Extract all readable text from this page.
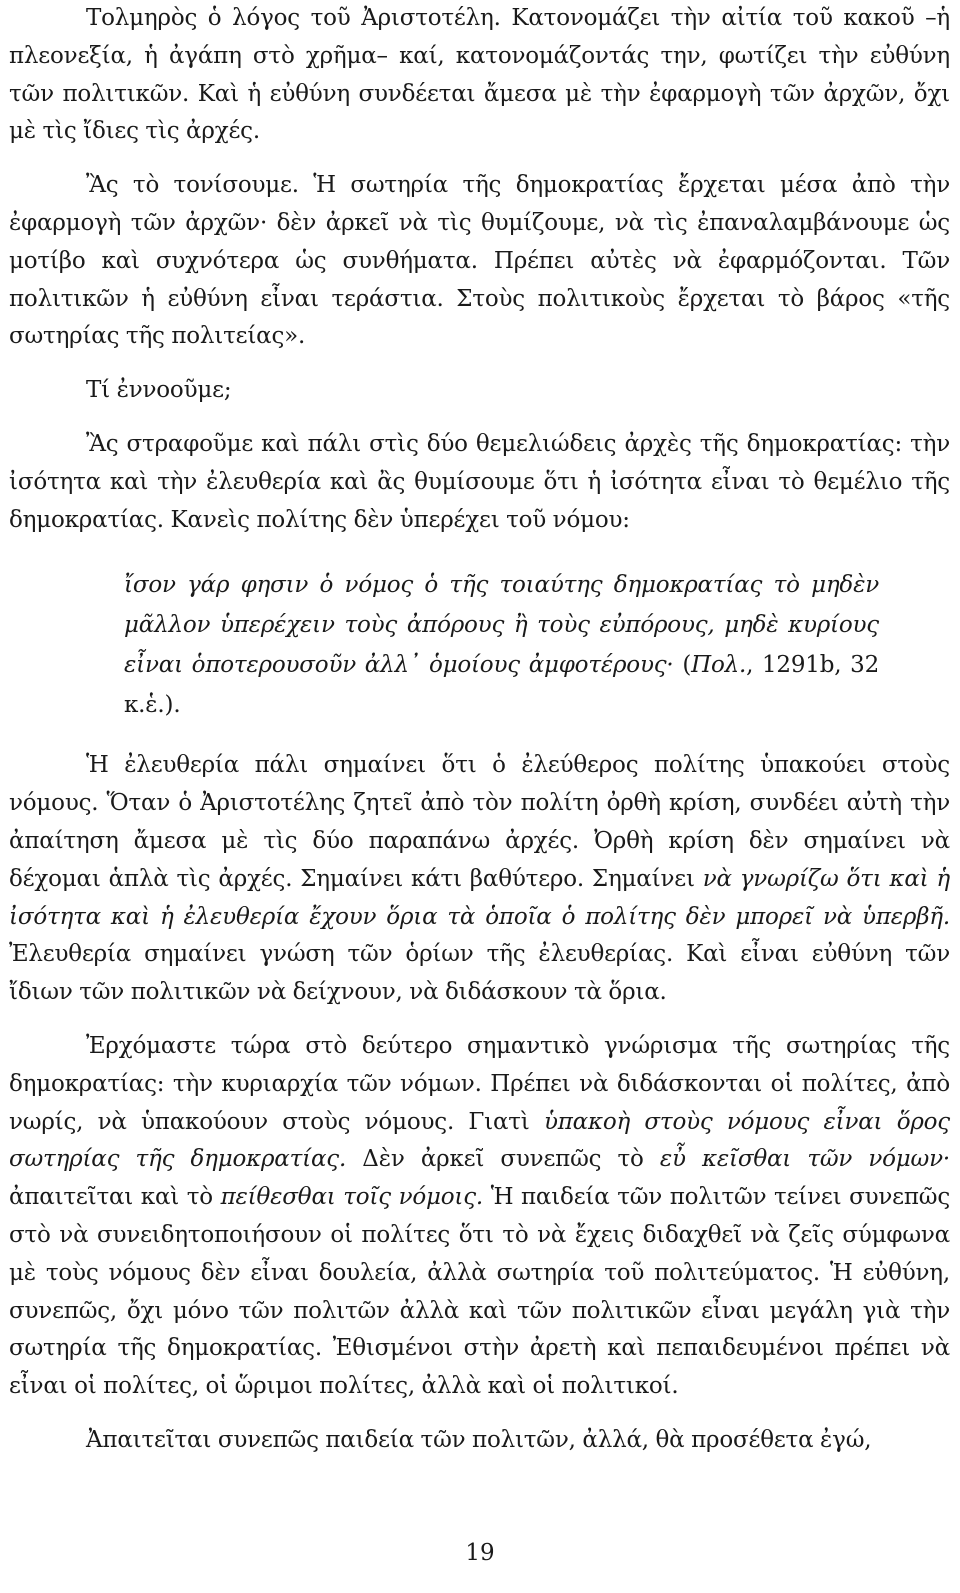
Τολμηρὸς ὁ λόγος τοῦ Ἀριστοτέλη. Κατονομάζει τὴν αἰτία τοῦ κακοῦ –ἡ πλεονεξία, ἡ ἀγάπη στὸ χρῆμα– καί, κατονομάζοντάς την, φωτίζει τὴν εὐθύνη τῶν πολιτικῶν. Καὶ ἡ εὐθύνη συνδέεται ἄμεσα μὲ τὴν ἐφαρμογὴ τῶν ἀρχῶν, ὄχι μὲ τὶς ἴδιες τὶς ἀρχές.

Ἂς τὸ τονίσουμε. Ἡ σωτηρία τῆς δημοκρατίας ἔρχεται μέσα ἀπὸ τὴν ἐφαρμογὴ τῶν ἀρχῶν· δὲν ἀρκεῖ νὰ τὶς θυμίζουμε, νὰ τὶς ἐπαναλαμβάνουμε ὡς μοτίβο καὶ συχνότερα ὡς συνθήματα. Πρέπει αὐτὲς νὰ ἐφαρμόζονται. Τῶν πολιτικῶν ἡ εὐθύνη εἶναι τεράστια. Στοὺς πολιτικοὺς ἔρχεται τὸ βάρος «τῆς σωτηρίας τῆς πολιτείας».

Τί ἐννοοῦμε;

Ἂς στραφοῦμε καὶ πάλι στὶς δύο θεμελιώδεις ἀρχὲς τῆς δημοκρατίας: τὴν ἰσότητα καὶ τὴν ἐλευθερία καὶ ἂς θυμίσουμε ὅτι ἡ ἰσότητα εἶναι τὸ θεμέλιο τῆς δημοκρατίας. Κανεὶς πολίτης δὲν ὑπερέχει τοῦ νόμου:

ἴσον γάρ φησιν ὁ νόμος ὁ τῆς τοιαύτης δημοκρατίας τὸ μηδὲν μᾶλλον ὑπερέχειν τοὺς ἀπόρους ἢ τοὺς εὐπόρους, μηδὲ κυρίους εἶναι ὁποτερουσοῦν ἀλλ᾽ ὁμοίους ἀμφοτέρους· (Πολ., 1291b, 32 κ.ἑ.).

Ἡ ἐλευθερία πάλι σημαίνει ὅτι ὁ ἐλεύθερος πολίτης ὑπακούει στοὺς νόμους. Ὅταν ὁ Ἀριστοτέλης ζητεῖ ἀπὸ τὸν πολίτη ὀρθὴ κρίση, συνδέει αὐτὴ τὴν ἀπαίτηση ἄμεσα μὲ τὶς δύο παραπάνω ἀρχές. Ὀρθὴ κρίση δὲν σημαίνει νὰ δέχομαι ἁπλὰ τὶς ἀρχές. Σημαίνει κάτι βαθύτερο. Σημαίνει νὰ γνωρίζω ὅτι καὶ ἡ ἰσότητα καὶ ἡ ἐλευθερία ἔχουν ὅρια τὰ ὁποῖα ὁ πολίτης δὲν μπορεῖ νὰ ὑπερβῆ. Ἐλευθερία σημαίνει γνώση τῶν ὁρίων τῆς ἐλευθερίας. Καὶ εἶναι εὐθύνη τῶν ἴδιων τῶν πολιτικῶν νὰ δείχνουν, νὰ διδάσκουν τὰ ὅρια.

Ἐρχόμαστε τώρα στὸ δεύτερο σημαντικὸ γνώρισμα τῆς σωτηρίας τῆς δημοκρατίας: τὴν κυριαρχία τῶν νόμων. Πρέπει νὰ διδάσκονται οἱ πολίτες, ἀπὸ νωρίς, νὰ ὑπακούουν στοὺς νόμους. Γιατὶ ὑπακοὴ στοὺς νόμους εἶναι ὅρος σωτηρίας τῆς δημοκρατίας. Δὲν ἀρκεῖ συνεπῶς τὸ εὖ κεῖσθαι τῶν νόμων· ἀπαιτεῖται καὶ τὸ πείθεσθαι τοῖς νόμοις. Ἡ παιδεία τῶν πολιτῶν τείνει συνεπῶς στὸ νὰ συνειδητοποιήσουν οἱ πολίτες ὅτι τὸ νὰ ἔχεις διδαχθεῖ νὰ ζεῖς σύμφωνα μὲ τοὺς νόμους δὲν εἶναι δουλεία, ἀλλὰ σωτηρία τοῦ πολιτεύματος. Ἡ εὐθύνη, συνεπῶς, ὄχι μόνο τῶν πολιτῶν ἀλλὰ καὶ τῶν πολιτικῶν εἶναι μεγάλη γιὰ τὴν σωτηρία τῆς δημοκρατίας. Ἐθισμένοι στὴν ἀρετὴ καὶ πεπαιδευμένοι πρέπει νὰ εἶναι οἱ πολίτες, οἱ ὥριμοι πολίτες, ἀλλὰ καὶ οἱ πολιτικοί.

Ἀπαιτεῖται συνεπῶς παιδεία τῶν πολιτῶν, ἀλλά, θὰ προσέθετα ἐγώ,

19
